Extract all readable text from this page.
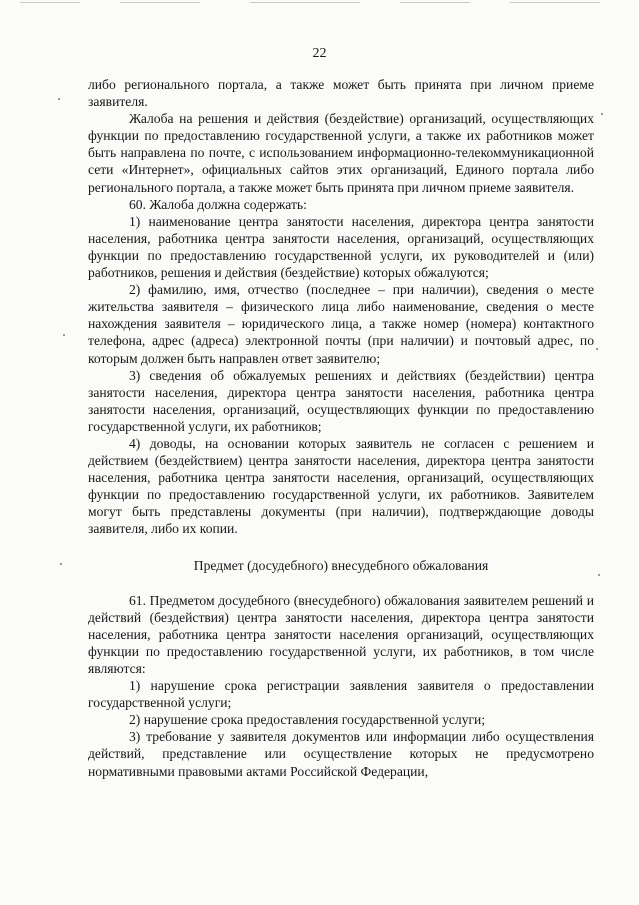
22

либо регионального портала, а также может быть принята при личном приеме заявителя.

Жалоба на решения и действия (бездействие) организаций, осуществляющих функции по предоставлению государственной услуги, а также их работников может быть направлена по почте, с использованием информационно-телекоммуникационной сети «Интернет», официальных сайтов этих организаций, Единого портала либо регионального портала, а также может быть принята при личном приеме заявителя.

60. Жалоба должна содержать:

1) наименование центра занятости населения, директора центра занятости населения, работника центра занятости населения, организаций, осуществляющих функции по предоставлению государственной услуги, их руководителей и (или) работников, решения и действия (бездействие) которых обжалуются;

2) фамилию, имя, отчество (последнее – при наличии), сведения о месте жительства заявителя – физического лица либо наименование, сведения о месте нахождения заявителя – юридического лица, а также номер (номера) контактного телефона, адрес (адреса) электронной почты (при наличии) и почтовый адрес, по которым должен быть направлен ответ заявителю;

3) сведения об обжалуемых решениях и действиях (бездействии) центра занятости населения, директора центра занятости населения, работника центра занятости населения, организаций, осуществляющих функции по предоставлению государственной услуги, их работников;

4) доводы, на основании которых заявитель не согласен с решением и действием (бездействием) центра занятости населения, директора центра занятости населения, работника центра занятости населения, организаций, осуществляющих функции по предоставлению государственной услуги, их работников. Заявителем могут быть представлены документы (при наличии), подтверждающие доводы заявителя, либо их копии.

Предмет (досудебного) внесудебного обжалования

61. Предметом досудебного (внесудебного) обжалования заявителем решений и действий (бездействия) центра занятости населения, директора центра занятости населения, работника центра занятости населения организаций, осуществляющих функции по предоставлению государственной услуги, их работников, в том числе являются:

1) нарушение срока регистрации заявления заявителя о предоставлении государственной услуги;

2) нарушение срока предоставления государственной услуги;

3) требование у заявителя документов или информации либо осуществления действий, представление или осуществление которых не предусмотрено нормативными правовыми актами Российской Федерации,
